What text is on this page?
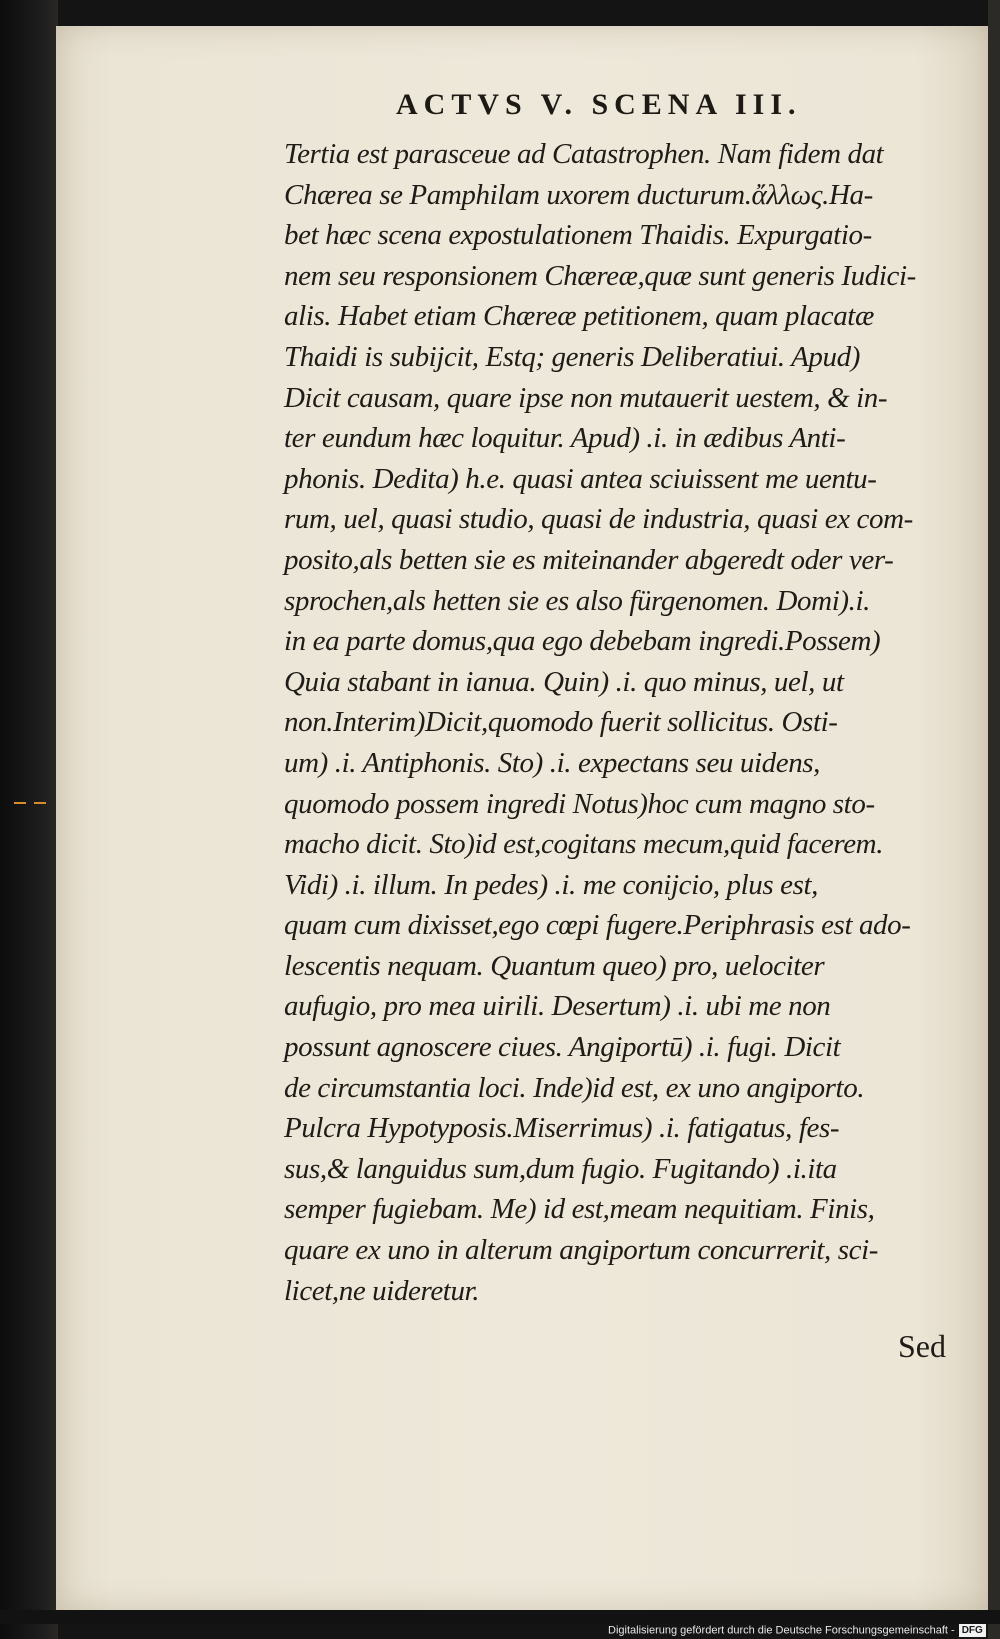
ACTVS V. SCENA III.
Tertia est parasceue ad Catastrophen. Nam fidem dat
Chærea se Pamphilam uxorem ducturum.ἄλλως.Ha-
bet hæc scena expostulationem Thaidis. Expurgatio-
nem seu responsionem Chæreæ,quæ sunt generis Iudici-
alis. Habet etiam Chæreæ petitionem, quam placatæ
Thaidi is subijcit, Estq; generis Deliberatiui. Apud)
Dicit causam, quare ipse non mutauerit uestem, & in-
ter eundum hæc loquitur. Apud) .i. in ædibus Anti-
phonis. Dedita) h.e. quasi antea sciuissent me uentu-
rum, uel, quasi studio, quasi de industria, quasi ex com-
posito,als betten sie es miteinander abgeredt oder ver-
sprochen,als hetten sie es also fürgenomen. Domi).i.
in ea parte domus,qua ego debebam ingredi.Possem)
Quia stabant in ianua. Quin) .i. quo minus, uel, ut
non.Interim)Dicit,quomodo fuerit sollicitus. Osti-
um) .i. Antiphonis. Sto) .i. expectans seu uidens,
quomodo possem ingredi Notus)hoc cum magno sto-
macho dicit. Sto)id est,cogitans mecum,quid facerem.
Vidi) .i. illum. In pedes) .i. me conijcio, plus est,
quam cum dixisset,ego cœpi fugere.Periphrasis est ado-
lescentis nequam. Quantum queo) pro, uelociter
aufugio, pro mea uirili. Desertum) .i. ubi me non
possunt agnoscere ciues. Angiportū) .i. fugi. Dicit
de circumstantia loci. Inde)id est, ex uno angiporto.
Pulcra Hypotyposis.Miserrimus) .i. fatigatus, fes-
sus,& languidus sum,dum fugio. Fugitando) .i.ita
semper fugiebam. Me) id est,meam nequitiam. Finis,
quare ex uno in alterum angiportum concurrerit, sci-
licet,ne uideretur.
Sed
Digitalisierung gefördert durch die Deutsche Forschungsgemeinschaft - DFG
